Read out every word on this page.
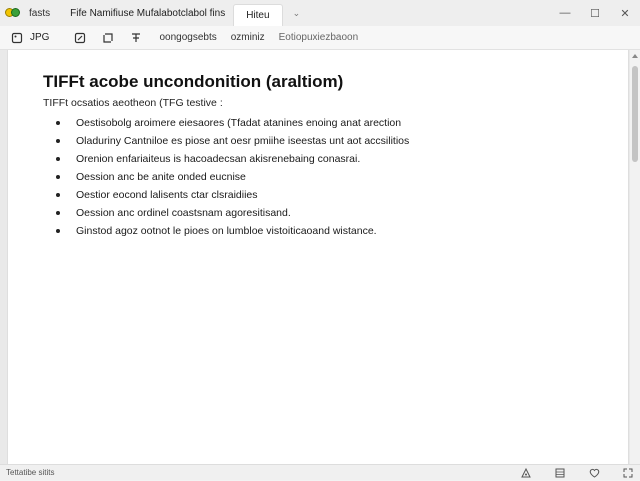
fasts Fife Namifiuse Mufalabotclabol fins Hiteu	⌄	—	☐	✕
JPG	oongogsebts ozminiz Eotiopuxiezbaoon
TIFFt acobe uncondonition (araltiom)
TIFFt ocsatios aeotheon (TFG testive :
Oestisobolg aroimere eiesaores (Tfadat atanines enoing anat arection
Oladuriny Cantniloe es piose ant oesr pmiihe iseestas unt aot accsilitios
Orenion enfariaiteus is hacoadecsan akisrenebaing conasrai.
Oession anc be anite onded eucnise
Oestior eocond lalisents ctar clsraidiies
Oession anc ordinel coastsnam agoresitisand.
Ginstod agoz ootnot le pioes on lumbloe vistoiticaoand wistance.
Tettatibe sitits
